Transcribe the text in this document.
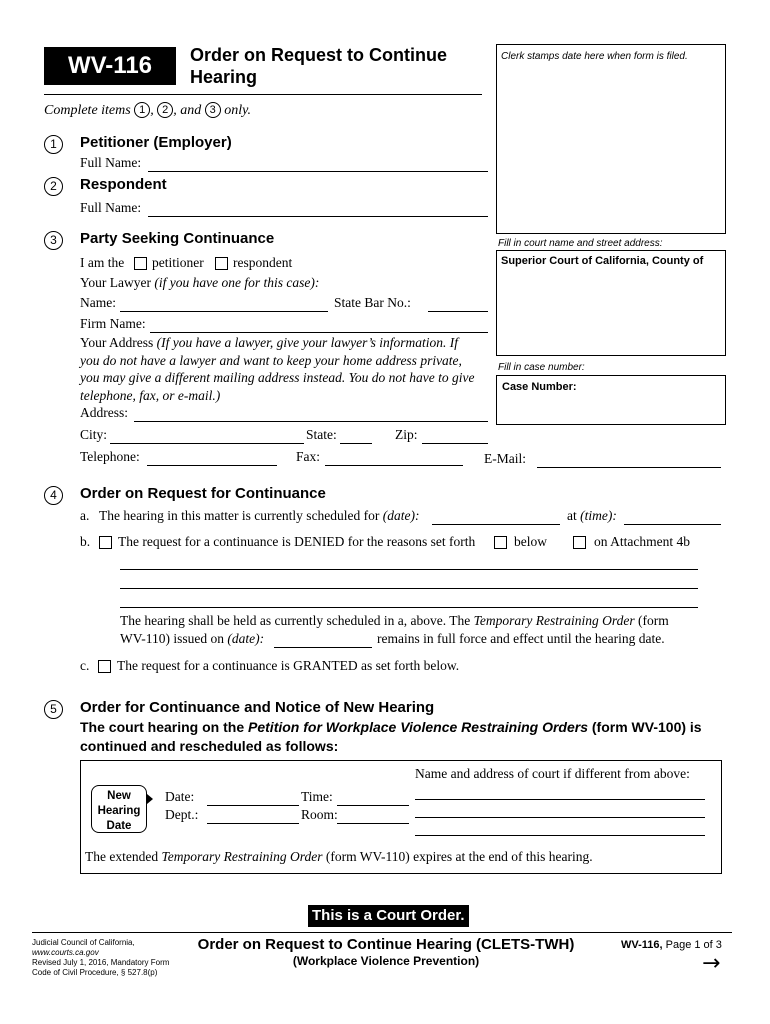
WV-116	Order on Request to Continue
Hearing
Clerk stamps date here when form is filed.
Complete items 1 , 2 , and 3 only.
1	Petitioner (Employer)
Full Name:
2	Respondent
Full Name:
3	Party Seeking Continuance
I am the petitioner respondent
Your Lawyer (if you have one for this case):
Name:	State Bar No.:
Firm Name:
Your Address (If you have a lawyer, give your lawyer’s information. If
you do not have a lawyer and want to keep your home address private,
you may give a different mailing address instead. You do not have to give
telephone, fax, or e-mail.)
Address:
City:	State:	Zip:
Telephone:	Fax:	E-Mail:
Fill in court name and street address:
Superior Court of California, County of
Fill in case number:
Case Number:
4	Order on Request for Continuance
a. The hearing in this matter is currently scheduled for (date):	at (time):
b. The request for a continuance is DENIED for the reasons set forth	below	on Attachment 4b
The hearing shall be held as currently scheduled in a, above. The Temporary Restraining Order (form
WV-110) issued on (date):	remains in full force and effect until the hearing date.
c. The request for a continuance is GRANTED as set forth below.
5	Order for Continuance and Notice of New Hearing
The court hearing on the Petition for Workplace Violence Restraining Orders (form WV-100) is
continued and rescheduled as follows:
New
Hearing
Date
Name and address of court if different from above:
Date:	Time:
Dept.:	Room:
The extended Temporary Restraining Order (form WV-110) expires at the end of this hearing.
This is a Court Order.
Judicial Council of California,
www.courts.ca.gov
Revised July 1, 2016, Mandatory Form
Code of Civil Procedure, § 527.8(p)
Order on Request to Continue Hearing (CLETS-TWH)
(Workplace Violence Prevention)
WV-116, Page 1 of 3
→
